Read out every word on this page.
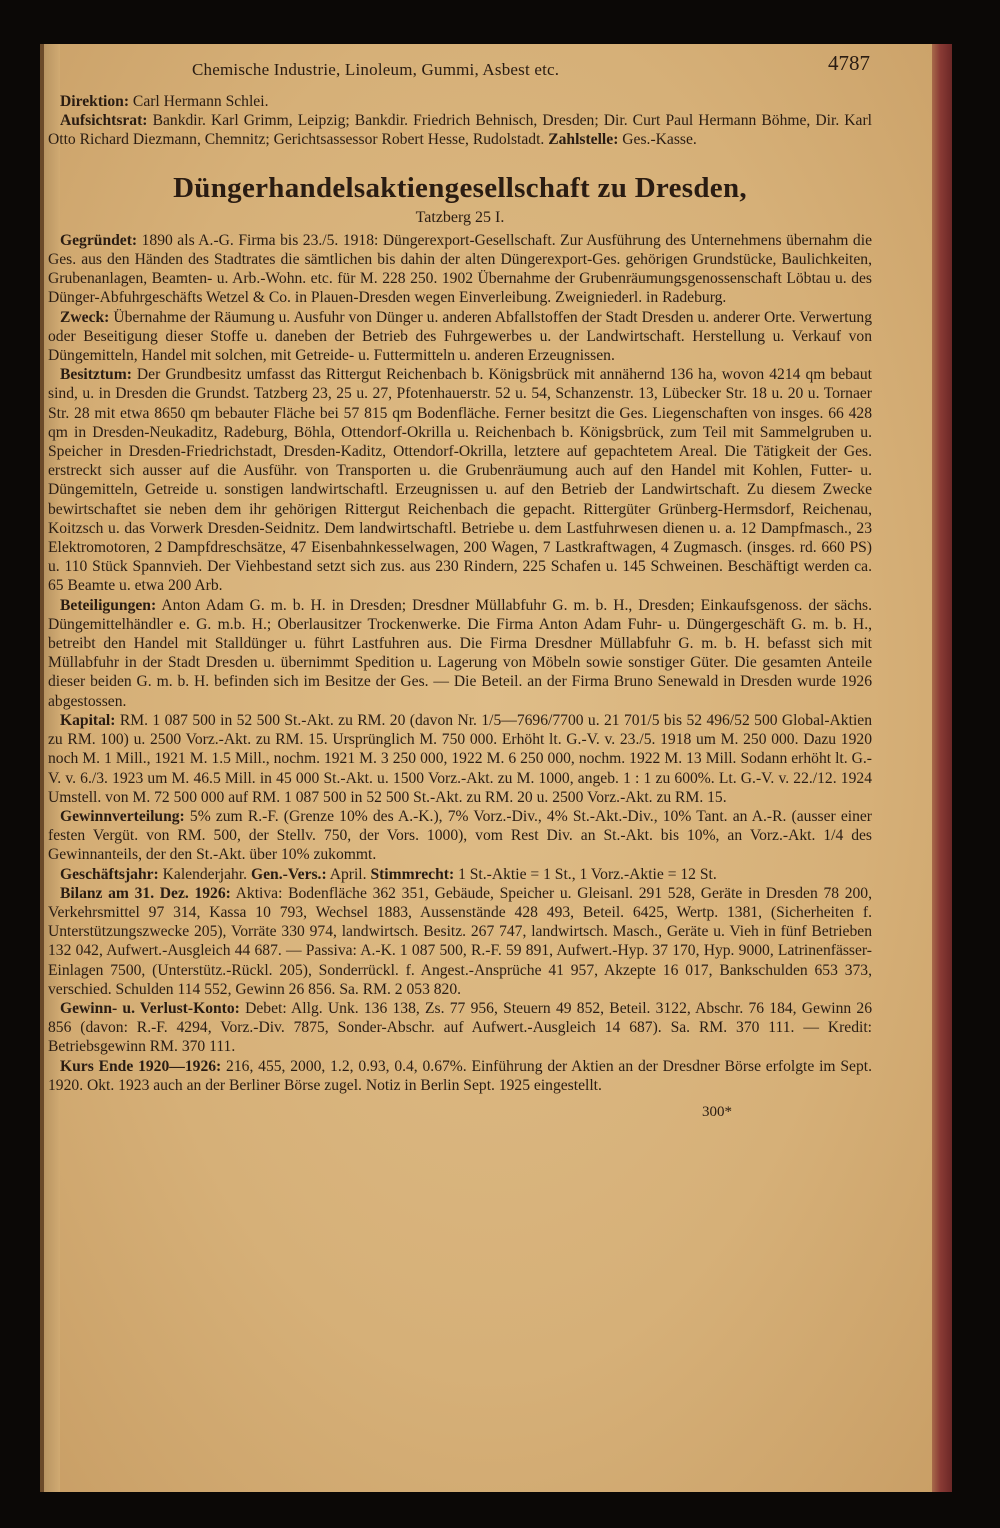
Chemische Industrie, Linoleum, Gummi, Asbest etc.	4787

Direktion: Carl Hermann Schlei.

Aufsichtsrat: Bankdir. Karl Grimm, Leipzig; Bankdir. Friedrich Behnisch, Dresden; Dir. Curt Paul Hermann Böhme, Dir. Karl Otto Richard Diezmann, Chemnitz; Gerichtsassessor Robert Hesse, Rudolstadt. Zahlstelle: Ges.-Kasse.

Düngerhandelsaktiengesellschaft zu Dresden,
Tatzberg 25 I.

Gegründet: 1890 als A.-G. Firma bis 23./5. 1918: Düngerexport-Gesellschaft. Zur Ausführung des Unternehmens übernahm die Ges. aus den Händen des Stadtrates die sämtlichen bis dahin der alten Düngerexport-Ges. gehörigen Grundstücke, Baulichkeiten, Grubenanlagen, Beamten- u. Arb.-Wohn. etc. für M. 228 250. 1902 Übernahme der Grubenräumungsgenossenschaft Löbtau u. des Dünger-Abfuhrgeschäfts Wetzel & Co. in Plauen-Dresden wegen Einverleibung. Zweigniederl. in Radeburg.

Zweck: Übernahme der Räumung u. Ausfuhr von Dünger u. anderen Abfallstoffen der Stadt Dresden u. anderer Orte. Verwertung oder Beseitigung dieser Stoffe u. daneben der Betrieb des Fuhrgewerbes u. der Landwirtschaft. Herstellung u. Verkauf von Düngemitteln, Handel mit solchen, mit Getreide- u. Futtermitteln u. anderen Erzeugnissen.

Besitztum: Der Grundbesitz umfasst das Rittergut Reichenbach b. Königsbrück mit annähernd 136 ha, wovon 4214 qm bebaut sind, u. in Dresden die Grundst. Tatzberg 23, 25 u. 27, Pfotenhauerstr. 52 u. 54, Schanzenstr. 13, Lübecker Str. 18 u. 20 u. Tornaer Str. 28 mit etwa 8650 qm bebauter Fläche bei 57 815 qm Bodenfläche. Ferner besitzt die Ges. Liegenschaften von insges. 66 428 qm in Dresden-Neukaditz, Radeburg, Böhla, Ottendorf-Okrilla u. Reichenbach b. Königsbrück, zum Teil mit Sammelgruben u. Speicher in Dresden-Friedrichstadt, Dresden-Kaditz, Ottendorf-Okrilla, letztere auf gepachtetem Areal. Die Tätigkeit der Ges. erstreckt sich ausser auf die Ausführ. von Transporten u. die Grubenräumung auch auf den Handel mit Kohlen, Futter- u. Düngemitteln, Getreide u. sonstigen landwirtschaftl. Erzeugnissen u. auf den Betrieb der Landwirtschaft. Zu diesem Zwecke bewirtschaftet sie neben dem ihr gehörigen Rittergut Reichenbach die gepacht. Rittergüter Grünberg-Hermsdorf, Reichenau, Koitzsch u. das Vorwerk Dresden-Seidnitz. Dem landwirtschaftl. Betriebe u. dem Lastfuhrwesen dienen u. a. 12 Dampfmasch., 23 Elektromotoren, 2 Dampfdreschsätze, 47 Eisenbahnkesselwagen, 200 Wagen, 7 Lastkraftwagen, 4 Zugmasch. (insges. rd. 660 PS) u. 110 Stück Spannvieh. Der Viehbestand setzt sich zus. aus 230 Rindern, 225 Schafen u. 145 Schweinen. Beschäftigt werden ca. 65 Beamte u. etwa 200 Arb.

Beteiligungen: Anton Adam G. m. b. H. in Dresden; Dresdner Müllabfuhr G. m. b. H., Dresden; Einkaufsgenoss. der sächs. Düngemittelhändler e. G. m.b. H.; Oberlausitzer Trockenwerke. Die Firma Anton Adam Fuhr- u. Düngergeschäft G. m. b. H., betreibt den Handel mit Stalldünger u. führt Lastfuhren aus. Die Firma Dresdner Müllabfuhr G. m. b. H. befasst sich mit Müllabfuhr in der Stadt Dresden u. übernimmt Spedition u. Lagerung von Möbeln sowie sonstiger Güter. Die gesamten Anteile dieser beiden G. m. b. H. befinden sich im Besitze der Ges. — Die Beteil. an der Firma Bruno Senewald in Dresden wurde 1926 abgestossen.

Kapital: RM. 1 087 500 in 52 500 St.-Akt. zu RM. 20 (davon Nr. 1/5—7696/7700 u. 21 701/5 bis 52 496/52 500 Global-Aktien zu RM. 100) u. 2500 Vorz.-Akt. zu RM. 15. Ursprünglich M. 750 000. Erhöht lt. G.-V. v. 23./5. 1918 um M. 250 000. Dazu 1920 noch M. 1 Mill., 1921 M. 1.5 Mill., nochm. 1921 M. 3 250 000, 1922 M. 6 250 000, nochm. 1922 M. 13 Mill. Sodann erhöht lt. G.-V. v. 6./3. 1923 um M. 46.5 Mill. in 45 000 St.-Akt. u. 1500 Vorz.-Akt. zu M. 1000, angeb. 1 : 1 zu 600%. Lt. G.-V. v. 22./12. 1924 Umstell. von M. 72 500 000 auf RM. 1 087 500 in 52 500 St.-Akt. zu RM. 20 u. 2500 Vorz.-Akt. zu RM. 15.

Gewinnverteilung: 5% zum R.-F. (Grenze 10% des A.-K.), 7% Vorz.-Div., 4% St.-Akt.-Div., 10% Tant. an A.-R. (ausser einer festen Vergüt. von RM. 500, der Stellv. 750, der Vors. 1000), vom Rest Div. an St.-Akt. bis 10%, an Vorz.-Akt. 1/4 des Gewinnanteils, der den St.-Akt. über 10% zukommt.

Geschäftsjahr: Kalenderjahr. Gen.-Vers.: April. Stimmrecht: 1 St.-Aktie = 1 St., 1 Vorz.-Aktie = 12 St.

Bilanz am 31. Dez. 1926: Aktiva: Bodenfläche 362 351, Gebäude, Speicher u. Gleisanl. 291 528, Geräte in Dresden 78 200, Verkehrsmittel 97 314, Kassa 10 793, Wechsel 1883, Aussenstände 428 493, Beteil. 6425, Wertp. 1381, (Sicherheiten f. Unterstützungszwecke 205), Vorräte 330 974, landwirtsch. Besitz. 267 747, landwirtsch. Masch., Geräte u. Vieh in fünf Betrieben 132 042, Aufwert.-Ausgleich 44 687. — Passiva: A.-K. 1 087 500, R.-F. 59 891, Aufwert.-Hyp. 37 170, Hyp. 9000, Latrinenfässer-Einlagen 7500, (Unterstütz.-Rückl. 205), Sonderrückl. f. Angest.-Ansprüche 41 957, Akzepte 16 017, Bankschulden 653 373, verschied. Schulden 114 552, Gewinn 26 856. Sa. RM. 2 053 820.

Gewinn- u. Verlust-Konto: Debet: Allg. Unk. 136 138, Zs. 77 956, Steuern 49 852, Beteil. 3122, Abschr. 76 184, Gewinn 26 856 (davon: R.-F. 4294, Vorz.-Div. 7875, Sonder-Abschr. auf Aufwert.-Ausgleich 14 687). Sa. RM. 370 111. — Kredit: Betriebsgewinn RM. 370 111.

Kurs Ende 1920—1926: 216, 455, 2000, 1.2, 0.93, 0.4, 0.67%. Einführung der Aktien an der Dresdner Börse erfolgte im Sept. 1920. Okt. 1923 auch an der Berliner Börse zugel. Notiz in Berlin Sept. 1925 eingestellt.

300*
